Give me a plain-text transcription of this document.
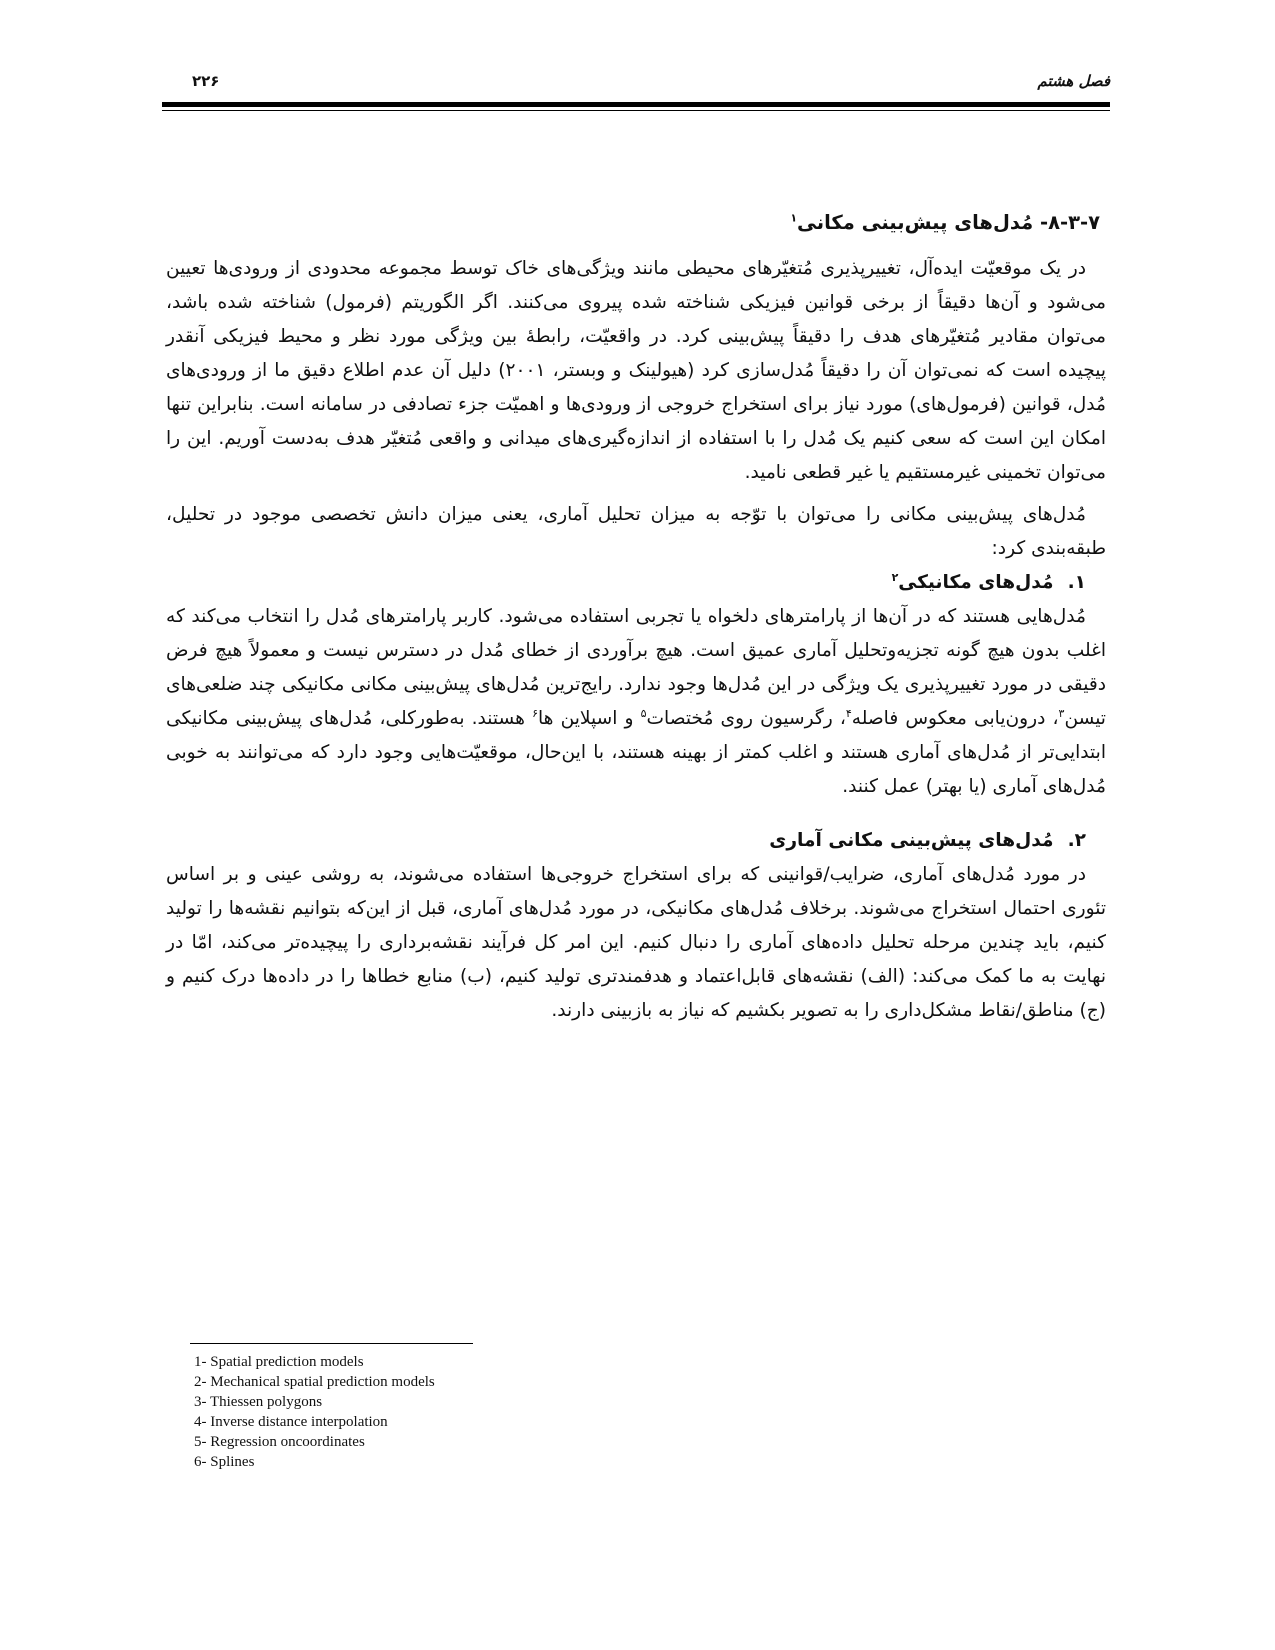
فصل هشتم
۲۲۶
۸-۳-۷- مُدل‌های پیش‌بینی مکانی$^۱$

در یک موقعیّت ایده‌آل، تغییرپذیری مُتغیّرهای محیطی مانند ویژگی‌های خاک توسط مجموعه محدودی از ورودی‌ها تعیین می‌شود و آن‌ها دقیقاً از برخی قوانین فیزیکی شناخته شده پیروی می‌کنند. اگر الگوریتم (فرمول) شناخته شده باشد، می‌توان مقادیر مُتغیّرهای هدف را دقیقاً پیش‌بینی کرد. در واقعیّت، رابطهٔ بین ویژگی مورد نظر و محیط فیزیکی آنقدر پیچیده است که نمی‌توان آن را دقیقاً مُدل‌سازی کرد (هیولینک و وبستر، ۲۰۰۱) دلیل آن عدم اطلاع دقیق ما از ورودی‌های مُدل، قوانین (فرمول‌های) مورد نیاز برای استخراج خروجی از ورودی‌ها و اهمیّت جزء تصادفی در سامانه است. بنابراین تنها امکان این است که سعی کنیم یک مُدل را با استفاده از اندازه‌گیری‌های میدانی و واقعی مُتغیّر هدف به‌دست آوریم. این را می‌توان تخمینی غیرمستقیم یا غیر قطعی نامید.

مُدل‌های پیش‌بینی مکانی را می‌توان با توّجه به میزان تحلیل آماری، یعنی میزان دانش تخصصی موجود در تحلیل، طبقه‌بندی کرد:

۱.مُدل‌های مکانیکی$^۲$

مُدل‌هایی هستند که در آن‌ها از پارامترهای دلخواه یا تجربی استفاده می‌شود. کاربر پارامترهای مُدل را انتخاب می‌کند که اغلب بدون هیچ گونه تجزیه‌وتحلیل آماری عمیق است. هیچ برآوردی از خطای مُدل در دسترس نیست و معمولاً هیچ فرض دقیقی در مورد تغییرپذیری یک ویژگی در این مُدل‌ها وجود ندارد. رایج‌ترین مُدل‌های پیش‌بینی مکانی مکانیکی چند ضلعی‌های تیسن$^۳$، درون‌یابی معکوس فاصله$^۴$، رگرسیون روی مُختصات$^۵$ و اسپلاین ها$^۶$ هستند. به‌طورکلی، مُدل‌های پیش‌بینی مکانیکی ابتدایی‌تر از مُدل‌های آماری هستند و اغلب کمتر از بهینه هستند، با این‌حال، موقعیّت‌هایی وجود دارد که می‌توانند به خوبی مُدل‌های آماری (یا بهتر) عمل کنند.

۲.مُدل‌های پیش‌بینی مکانی آماری

در مورد مُدل‌های آماری، ضرایب/قوانینی که برای استخراج خروجی‌ها استفاده می‌شوند، به روشی عینی و بر اساس تئوری احتمال استخراج می‌شوند. برخلاف مُدل‌های مکانیکی، در مورد مُدل‌های آماری، قبل از این‌که بتوانیم نقشه‌ها را تولید کنیم، باید چندین مرحله تحلیل داده‌های آماری را دنبال کنیم. این امر کل فرآیند نقشه‌برداری را پیچیده‌تر می‌کند، امّا در نهایت به ما کمک می‌کند: (الف) نقشه‌های قابل‌اعتماد و هدفمندتری تولید کنیم، (ب) منابع خطاها را در داده‌ها درک کنیم و (ج) مناطق/نقاط مشکل‌داری را به تصویر بکشیم که نیاز به بازبینی دارند.

1- Spatial prediction models
2- Mechanical spatial prediction models
3- Thiessen polygons
4- Inverse distance interpolation
5- Regression oncoordinates
6- Splines
